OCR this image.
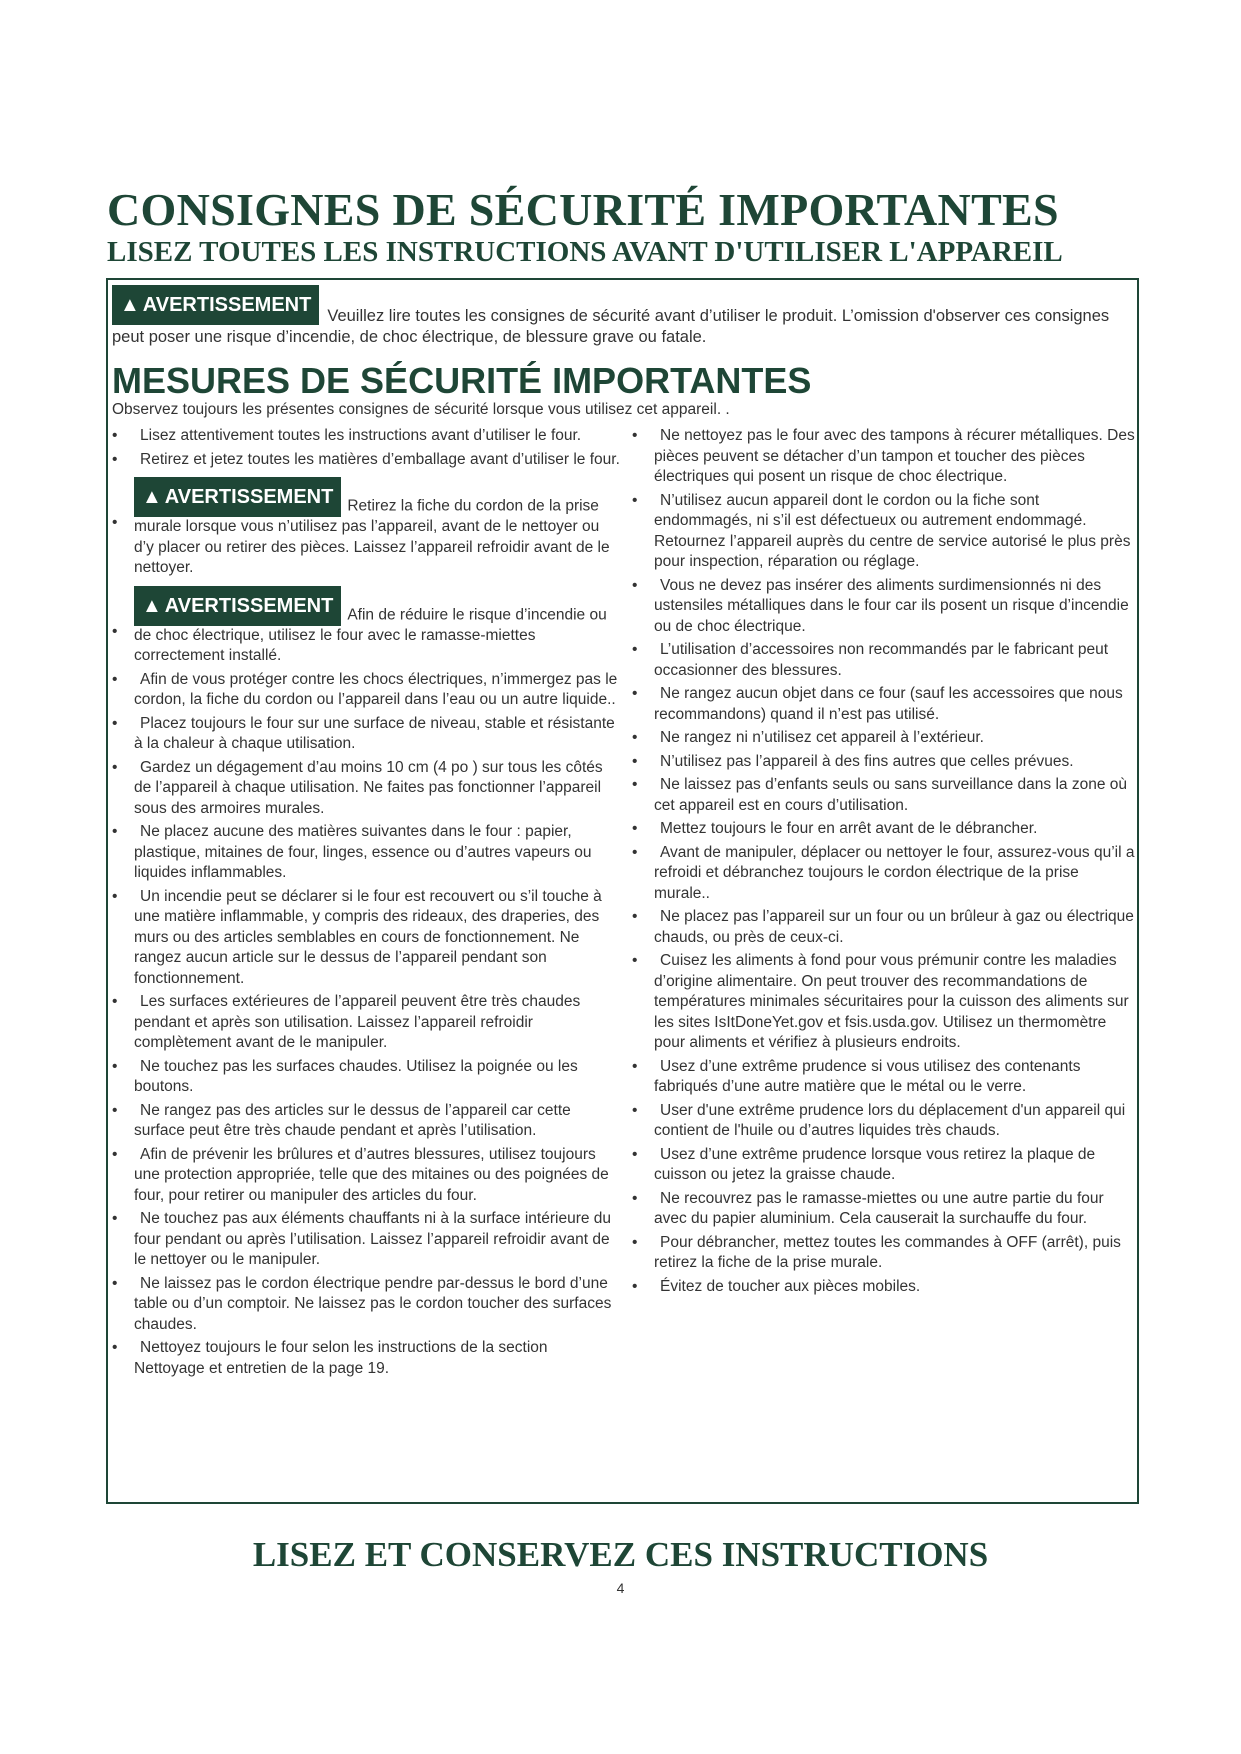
CONSIGNES DE SÉCURITÉ IMPORTANTES
LISEZ TOUTES LES INSTRUCTIONS AVANT D'UTILISER L'APPAREIL

▲ AVERTISSEMENT Veuillez lire toutes les consignes de sécurité avant d’utiliser le produit. L’omission d'observer ces consignes peut poser une risque d’incendie, de choc électrique, de blessure grave ou fatale.

MESURES DE SÉCURITÉ IMPORTANTES

Observez toujours les présentes consignes de sécurité lorsque vous utilisez cet appareil. .

• Lisez attentivement toutes les instructions avant d’utiliser le four.
• Retirez et jetez toutes les matières d’emballage avant d’utiliser le four.
• ▲ AVERTISSEMENT Retirez la fiche du cordon de la prise murale lorsque vous n’utilisez pas l’appareil, avant de le nettoyer ou d’y placer ou retirer des pièces. Laissez l’appareil refroidir avant de le nettoyer.
• ▲ AVERTISSEMENT Afin de réduire le risque d’incendie ou de choc électrique, utilisez le four avec le ramasse-miettes correctement installé.
• Afin de vous protéger contre les chocs électriques, n’immergez pas le cordon, la fiche du cordon ou l’appareil dans l’eau ou un autre liquide..
• Placez toujours le four sur une surface de niveau, stable et résistante à la chaleur à chaque utilisation.
• Gardez un dégagement d’au moins 10 cm (4 po ) sur tous les côtés de l’appareil à chaque utilisation. Ne faites pas fonctionner l’appareil sous des armoires murales.
• Ne placez aucune des matières suivantes dans le four : papier, plastique, mitaines de four, linges, essence ou d’autres vapeurs ou liquides inflammables.
• Un incendie peut se déclarer si le four est recouvert ou s’il touche à une matière inflammable, y compris des rideaux, des draperies, des murs ou des articles semblables en cours de fonctionnement. Ne rangez aucun article sur le dessus de l’appareil pendant son fonctionnement.
• Les surfaces extérieures de l’appareil peuvent être très chaudes pendant et après son utilisation. Laissez l’appareil refroidir complètement avant de le manipuler.
• Ne touchez pas les surfaces chaudes. Utilisez la poignée ou les boutons.
• Ne rangez pas des articles sur le dessus de l’appareil car cette surface peut être très chaude pendant et après l’utilisation.
• Afin de prévenir les brûlures et d’autres blessures, utilisez toujours une protection appropriée, telle que des mitaines ou des poignées de four, pour retirer ou manipuler des articles du four.
• Ne touchez pas aux éléments chauffants ni à la surface intérieure du four pendant ou après l’utilisation. Laissez l’appareil refroidir avant de le nettoyer ou le manipuler.
• Ne laissez pas le cordon électrique pendre par-dessus le bord d’une table ou d’un comptoir. Ne laissez pas le cordon toucher des surfaces chaudes.
• Nettoyez toujours le four selon les instructions de la section Nettoyage et entretien de la page 19.
• Ne nettoyez pas le four avec des tampons à récurer métalliques. Des pièces peuvent se détacher d’un tampon et toucher des pièces électriques qui posent un risque de choc électrique.
• N’utilisez aucun appareil dont le cordon ou la fiche sont endommagés, ni s’il est défectueux ou autrement endommagé. Retournez l’appareil auprès du centre de service autorisé le plus près pour inspection, réparation ou réglage.
• Vous ne devez pas insérer des aliments surdimensionnés ni des ustensiles métalliques dans le four car ils posent un risque d’incendie ou de choc électrique.
• L’utilisation d’accessoires non recommandés par le fabricant peut occasionner des blessures.
• Ne rangez aucun objet dans ce four (sauf les accessoires que nous recommandons) quand il n’est pas utilisé.
• Ne rangez ni n’utilisez cet appareil à l’extérieur.
• N’utilisez pas l’appareil à des fins autres que celles prévues.
• Ne laissez pas d’enfants seuls ou sans surveillance dans la zone où cet appareil est en cours d’utilisation.
• Mettez toujours le four en arrêt avant de le débrancher.
• Avant de manipuler, déplacer ou nettoyer le four, assurez-vous qu’il a refroidi et débranchez toujours le cordon électrique de la prise murale..
• Ne placez pas l’appareil sur un four ou un brûleur à gaz ou électrique chauds, ou près de ceux-ci.
• Cuisez les aliments à fond pour vous prémunir contre les maladies d’origine alimentaire. On peut trouver des recommandations de températures minimales sécuritaires pour la cuisson des aliments sur les sites IsItDoneYet.gov et fsis.usda.gov. Utilisez un thermomètre pour aliments et vérifiez à plusieurs endroits.
• Usez d’une extrême prudence si vous utilisez des contenants fabriqués d’une autre matière que le métal ou le verre.
• User d'une extrême prudence lors du déplacement d'un appareil qui contient de l'huile ou d’autres liquides très chauds.
• Usez d’une extrême prudence lorsque vous retirez la plaque de cuisson ou jetez la graisse chaude.
• Ne recouvrez pas le ramasse-miettes ou une autre partie du four avec du papier aluminium. Cela causerait la surchauffe du four.
• Pour débrancher, mettez toutes les commandes à OFF (arrêt), puis retirez la fiche de la prise murale.
• Évitez de toucher aux pièces mobiles.

LISEZ ET CONSERVEZ CES INSTRUCTIONS

4
